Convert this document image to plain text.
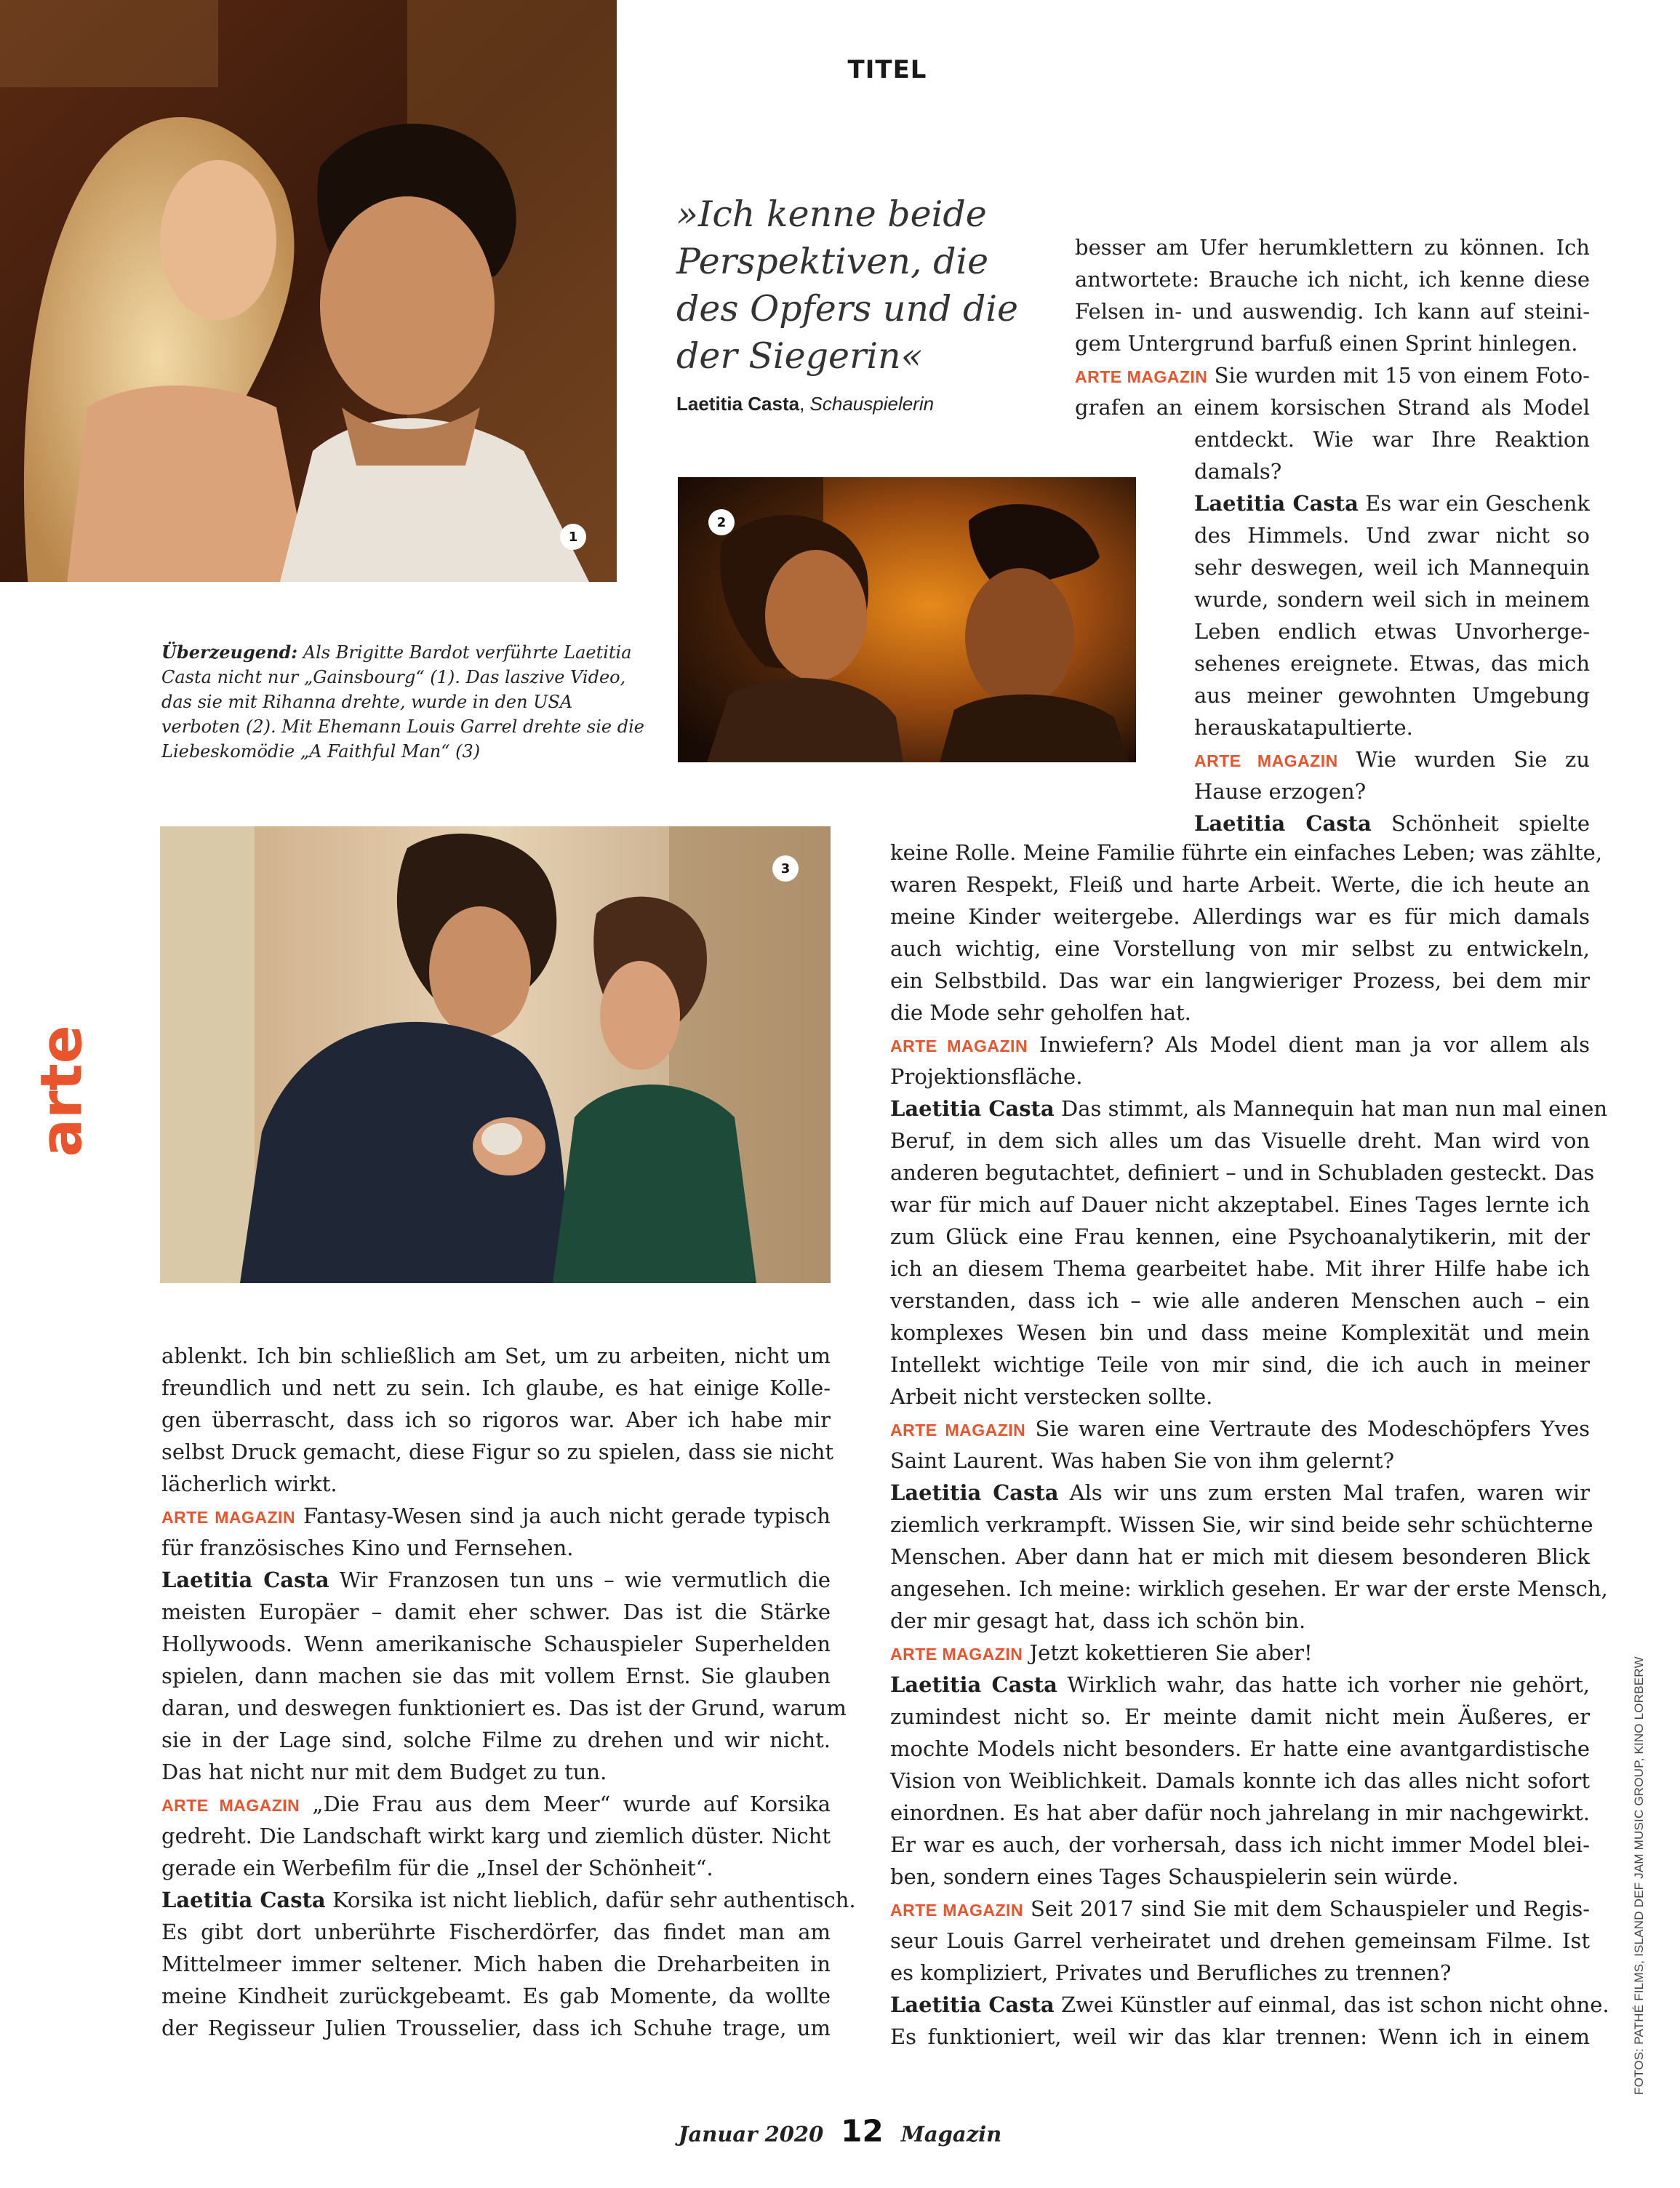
TITEL
1
2
»Ich kenne beide
Perspektiven, die
des Opfers und die
der Siegerin«
Laetitia Casta, Schauspielerin
Überzeugend: Als Brigitte Bardot verführte Laetitia
Casta nicht nur „Gainsbourg“ (1). Das laszive Video,
das sie mit Rihanna drehte, wurde in den USA
verboten (2). Mit Ehemann Louis Garrel drehte sie die
Liebeskomödie „A Faithful Man“ (3)
3
ablenkt. Ich bin schließlich am Set, um zu arbeiten, nicht um
freundlich und nett zu sein. Ich glaube, es hat einige Kolle-
gen überrascht, dass ich so rigoros war. Aber ich habe mir
selbst Druck gemacht, diese Figur so zu spielen, dass sie nicht
lächerlich wirkt.
ARTE MAGAZIN Fantasy-Wesen sind ja auch nicht gerade typisch
für französisches Kino und Fernsehen.
Laetitia Casta Wir Franzosen tun uns – wie vermutlich die
meisten Europäer – damit eher schwer. Das ist die Stärke
Hollywoods. Wenn amerikanische Schauspieler Superhelden
spielen, dann machen sie das mit vollem Ernst. Sie glauben
daran, und deswegen funktioniert es. Das ist der Grund, warum
sie in der Lage sind, solche Filme zu drehen und wir nicht.
Das hat nicht nur mit dem Budget zu tun.
ARTE MAGAZIN „Die Frau aus dem Meer“ wurde auf Korsika
gedreht. Die Landschaft wirkt karg und ziemlich düster. Nicht
gerade ein Werbefilm für die „Insel der Schönheit“.
Laetitia Casta Korsika ist nicht lieblich, dafür sehr authentisch.
Es gibt dort unberührte Fischerdörfer, das findet man am
Mittelmeer immer seltener. Mich haben die Dreharbeiten in
meine Kindheit zurückgebeamt. Es gab Momente, da wollte
der Regisseur Julien Trousselier, dass ich Schuhe trage, um
besser am Ufer herumklettern zu können. Ich
antwortete: Brauche ich nicht, ich kenne diese
Felsen in- und auswendig. Ich kann auf steini-
gem Untergrund barfuß einen Sprint hinlegen.
ARTE MAGAZIN Sie wurden mit 15 von einem Foto-
grafen an einem korsischen Strand als Model
entdeckt. Wie war Ihre Reaktion
damals?
Laetitia Casta Es war ein Geschenk
des Himmels. Und zwar nicht so
sehr deswegen, weil ich Mannequin
wurde, sondern weil sich in meinem
Leben endlich etwas Unvorherge-
sehenes ereignete. Etwas, das mich
aus meiner gewohnten Umgebung
herauskatapultierte.
ARTE MAGAZIN Wie wurden Sie zu
Hause erzogen?
Laetitia Casta Schönheit spielte
keine Rolle. Meine Familie führte ein einfaches Leben; was zählte,
waren Respekt, Fleiß und harte Arbeit. Werte, die ich heute an
meine Kinder weitergebe. Allerdings war es für mich damals
auch wichtig, eine Vorstellung von mir selbst zu entwickeln,
ein Selbstbild. Das war ein langwieriger Prozess, bei dem mir
die Mode sehr geholfen hat.
ARTE MAGAZIN Inwiefern? Als Model dient man ja vor allem als
Projektionsfläche.
Laetitia Casta Das stimmt, als Mannequin hat man nun mal einen
Beruf, in dem sich alles um das Visuelle dreht. Man wird von
anderen begutachtet, definiert – und in Schubladen gesteckt. Das
war für mich auf Dauer nicht akzeptabel. Eines Tages lernte ich
zum Glück eine Frau kennen, eine Psychoanalytikerin, mit der
ich an diesem Thema gearbeitet habe. Mit ihrer Hilfe habe ich
verstanden, dass ich – wie alle anderen Menschen auch – ein
komplexes Wesen bin und dass meine Komplexität und mein
Intellekt wichtige Teile von mir sind, die ich auch in meiner
Arbeit nicht verstecken sollte.
ARTE MAGAZIN Sie waren eine Vertraute des Modeschöpfers Yves
Saint Laurent. Was haben Sie von ihm gelernt?
Laetitia Casta Als wir uns zum ersten Mal trafen, waren wir
ziemlich verkrampft. Wissen Sie, wir sind beide sehr schüchterne
Menschen. Aber dann hat er mich mit diesem besonderen Blick
angesehen. Ich meine: wirklich gesehen. Er war der erste Mensch,
der mir gesagt hat, dass ich schön bin.
ARTE MAGAZIN Jetzt kokettieren Sie aber!
Laetitia Casta Wirklich wahr, das hatte ich vorher nie gehört,
zumindest nicht so. Er meinte damit nicht mein Äußeres, er
mochte Models nicht besonders. Er hatte eine avantgardistische
Vision von Weiblichkeit. Damals konnte ich das alles nicht sofort
einordnen. Es hat aber dafür noch jahrelang in mir nachgewirkt.
Er war es auch, der vorhersah, dass ich nicht immer Model blei-
ben, sondern eines Tages Schauspielerin sein würde.
ARTE MAGAZIN Seit 2017 sind Sie mit dem Schauspieler und Regis-
seur Louis Garrel verheiratet und drehen gemeinsam Filme. Ist
es kompliziert, Privates und Berufliches zu trennen?
Laetitia Casta Zwei Künstler auf einmal, das ist schon nicht ohne.
Es funktioniert, weil wir das klar trennen: Wenn ich in einem
arte
FOTOS: PATHÉ FILMS, ISLAND DEF JAM MUSIC GROUP, KINO LORBERW
Januar 2020 12 Magazin
